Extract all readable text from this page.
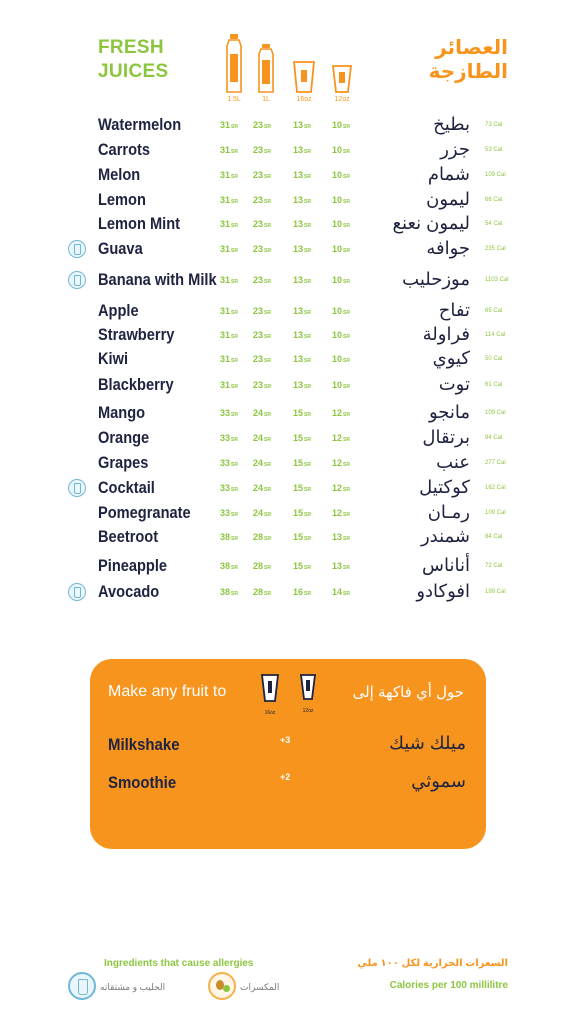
FRESH
JUICES
العصائر
الطازجة
1.5L	1L	16oz	12oz
Watermelon	31SR	23SR	13SR	10SR	بطيخ	73 Cal
Carrots	31SR	23SR	13SR	10SR	جزر	53 Cal
Melon	31SR	23SR	13SR	10SR	شمام	109 Cal
Lemon	31SR	23SR	13SR	10SR	ليمون	66 Cal
Lemon Mint	31SR	23SR	13SR	10SR	ليمون نعنع	54 Cal
Guava	31SR	23SR	13SR	10SR	جوافه	235 Cal
Banana with Milk 31SR	23SR	13SR	10SR	موزحليب	1103 Cal
Apple	31SR	23SR	13SR	10SR	تفاح	65 Cal
Strawberry	31SR	23SR	13SR	10SR	فراولة	114 Cal
Kiwi	31SR	23SR	13SR	10SR	كيوي	50 Cal
Blackberry	31SR	23SR	13SR	10SR	توت	61 Cal
Mango	33SR	24SR	15SR	12SR	مانجو	109 Cal
Orange	33SR	24SR	15SR	12SR	برتقال	94 Cal
Grapes	33SR	24SR	15SR	12SR	عنب	277 Cal
Cocktail	33SR	24SR	15SR	12SR	كوكتيل	162 Cal
Pomegranate	33SR	24SR	15SR	12SR	رمـان	109 Cal
Beetroot	38SR	28SR	15SR	13SR	شمندر	84 Cal
Pineapple	38SR	28SR	15SR	13SR	أناناس	72 Cal
Avocado	38SR	28SR	16SR	14SR	افوكادو	199 Cal
Make any fruit to
16oz	12oz
حول أي فاكهة إلى
Milkshake	+3	ميلك شيك
Smoothie	+2	سموثي
Ingredients that cause allergies	السعرات الحرارية لكل ١٠٠ ملي
Calories per 100 millilitre
الحليب و مشتقاته	المكسرات
